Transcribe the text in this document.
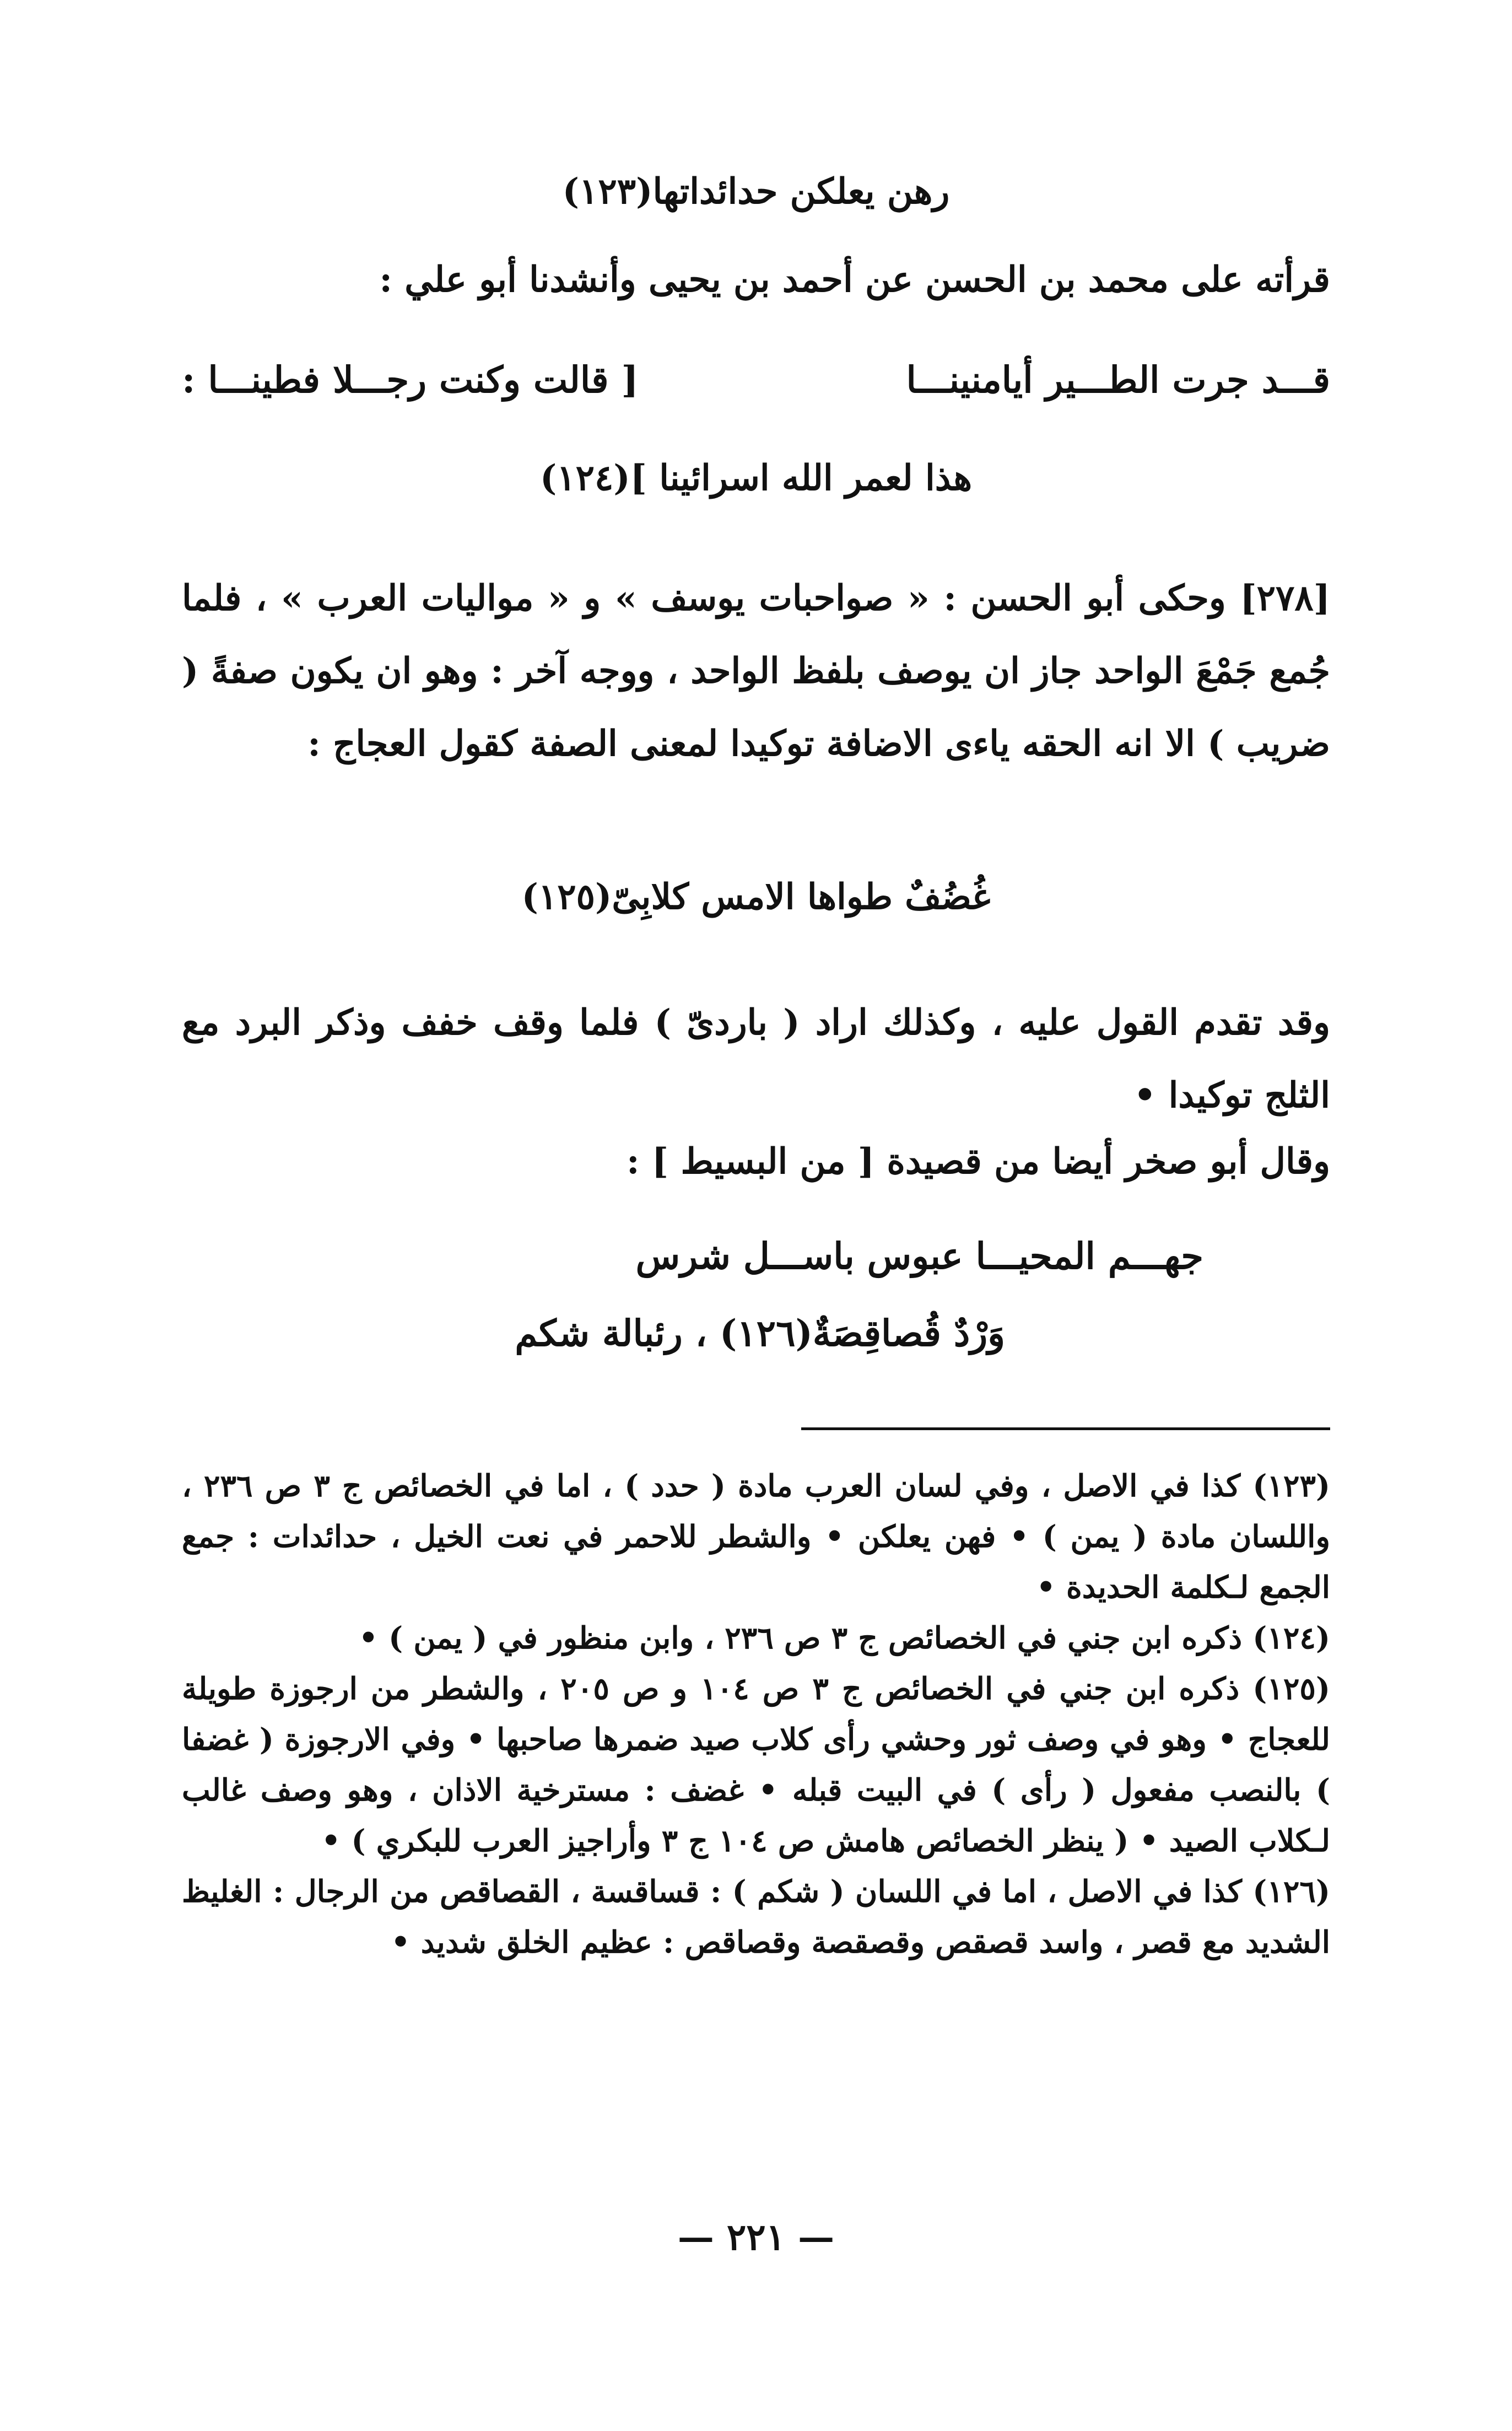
رهن يعلكن حدائداتها(١٢٣)
قرأته على محمد بن الحسن عن أحمد بن يحيى وأنشدنا أبو علي :
قـــد جرت الطـــير أيامنينـــا
[ قالت وكنت رجـــلا فطينـــا :
هذا لعمر الله اسرائينا ](١٢٤)
[٢٧٨] وحكى أبو الحسن : « صواحبات يوسف » و « مواليات العرب » ، فلما جُمع جَمْعَ الواحد جاز ان يوصف بلفظ الواحد ، ووجه آخر : وهو ان يكون صفةً ( ضريب ) الا انه الحقه ياءى الاضافة توكيدا لمعنى الصفة كقول العجاج :
غُضُفٌ طواها الامس كلابِىّ(١٢٥)
وقد تقدم القول عليه ، وكذلك اراد ( باردىّ ) فلما وقف خفف وذكر البرد مع الثلج توكيدا •
وقال أبو صخر أيضا من قصيدة [ من البسيط ] :
جهـــم المحيـــا عبوس باســـل شرس
وَرْدٌ قُصاقِصَةٌ(١٢٦) ، رئبالة شكم

(١٢٣) كذا في الاصل ، وفي لسان العرب مادة ( حدد ) ، اما في الخصائص ج ٣ ص ٢٣٦ ، واللسان مادة ( يمن ) • فهن يعلكن • والشطر للاحمر في نعت الخيل ، حدائدات : جمع الجمع لـكلمة الحديدة •

(١٢٤) ذكره ابن جني في الخصائص ج ٣ ص ٢٣٦ ، وابن منظور في ( يمن ) •

(١٢٥) ذكره ابن جني في الخصائص ج ٣ ص ١٠٤ و ص ٢٠٥ ، والشطر من ارجوزة طويلة للعجاج • وهو في وصف ثور وحشي رأى كلاب صيد ضمرها صاحبها • وفي الارجوزة ( غضفا ) بالنصب مفعول ( رأى ) في البيت قبله • غضف : مسترخية الاذان ، وهو وصف غالب لـكلاب الصيد • ( ينظر الخصائص هامش ص ١٠٤ ج ٣ وأراجيز العرب للبكري ) •

(١٢٦) كذا في الاصل ، اما في اللسان ( شكم ) : قساقسة ، القصاقص من الرجال : الغليظ الشديد مع قصر ، واسد قصقص وقصقصة وقصاقص : عظيم الخلق شديد •

— ٢٢١ —
